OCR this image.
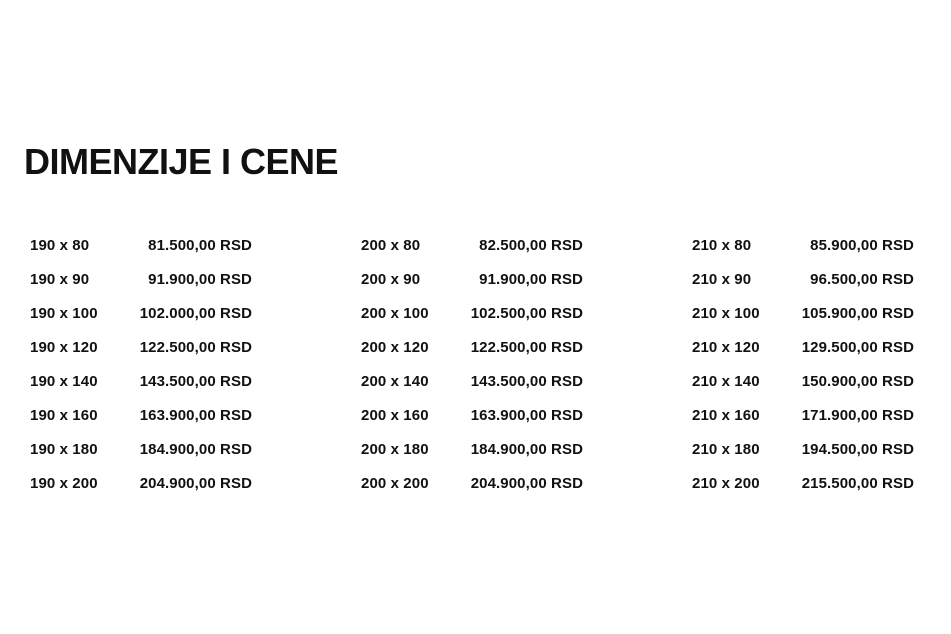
DIMENZIJE I CENE
190 x 80	81.500,00 RSD
190 x 90	91.900,00 RSD
190 x 100	102.000,00 RSD
190 x 120	122.500,00 RSD
190 x 140	143.500,00 RSD
190 x 160	163.900,00 RSD
190 x 180	184.900,00 RSD
190 x 200	204.900,00 RSD
200 x 80	82.500,00 RSD
200 x 90	91.900,00 RSD
200 x 100	102.500,00 RSD
200 x 120	122.500,00 RSD
200 x 140	143.500,00 RSD
200 x 160	163.900,00 RSD
200 x 180	184.900,00 RSD
200 x 200	204.900,00 RSD
210 x 80	85.900,00 RSD
210 x 90	96.500,00 RSD
210 x 100	105.900,00 RSD
210 x 120	129.500,00 RSD
210 x 140	150.900,00 RSD
210 x 160	171.900,00 RSD
210 x 180	194.500,00 RSD
210 x 200	215.500,00 RSD
